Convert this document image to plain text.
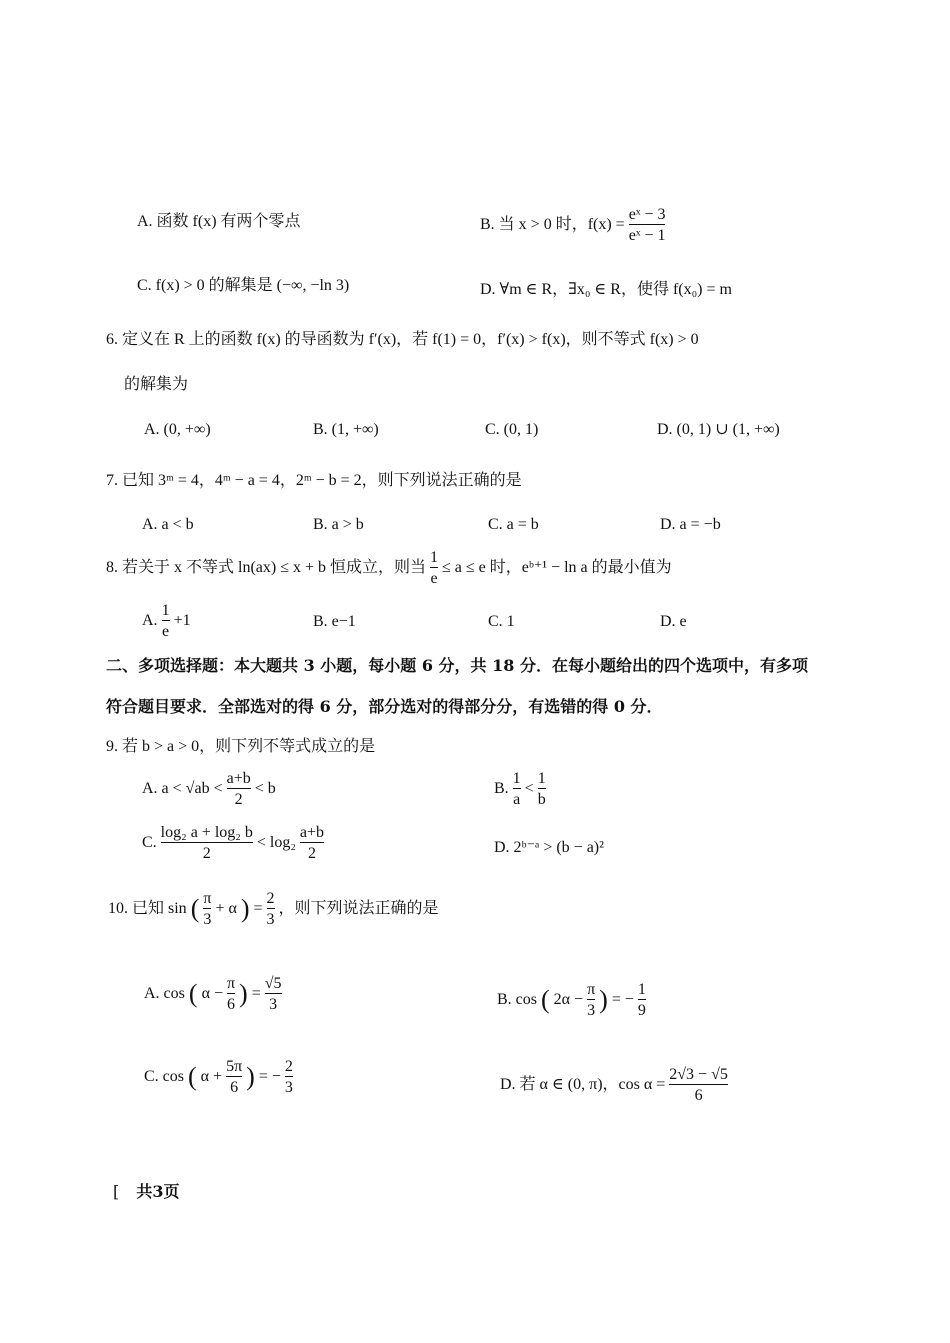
A. 函数 f(x) 有两个零点	B. 当 x > 0 时，$f(x) = \frac{\text{eˣ − 3}}{\text{eˣ − 1}}$
C. f(x) > 0 的解集是 (−∞, −ln 3)	D. ∀m ∈ R，∃x₀ ∈ R，使得 f(x₀) = m
6. 定义在 R 上的函数 f(x) 的导函数为 f′(x)，若 f(1) = 0，f′(x) > f(x)，则不等式 f(x) > 0
的解集为
A. (0, +∞)	B. (1, +∞)	C. (0, 1)	D. (0, 1) ∪ (1, +∞)
7. 已知 3ᵐ = 4，4ᵐ − a = 4，2ᵐ − b = 2，则下列说法正确的是
A. a < b	B. a > b	C. a = b	D. a = −b
8. 若关于 x 不等式 ln(ax) ≤ x + b 恒成立，则当 $\frac{1}{e} \le a \le e$ 时，eᵇ⁺¹ − ln a 的最小值为
A. $\frac{1}{e} +1$	B. e−1	C. 1	D. e
二、多项选择题：本大题共 3 小题，每小题 6 分，共 18 分．在每小题给出的四个选项中，有多项
符合题目要求．全部选对的得 6 分，部分选对的得部分分，有选错的得 0 分．
9. 若 b > a > 0，则下列不等式成立的是
A. $a < √ab < \frac{a+b}{2} < b$	B. $\frac{1}{a} < \frac{1}{b}$
C. $\frac{\text{log₂ a + log₂ b}}{2} < \log_2 \frac{a+b}{2}$	D. 2ᵇ⁻ᵃ > (b − a)²
10. 已知 sin ( $\frac{\pi}{3} + \alpha$ ) = $\frac{2}{3}$ ，则下列说法正确的是
A. cos ( $\alpha - \frac{\pi}{6}$ ) = $\frac{√5}{3}$	B. cos ( $2\alpha - \frac{\pi}{3}$ ) = − $\frac{1}{9}$
C. cos ( $\alpha + \frac{5\pi}{6}$ ) = − $\frac{2}{3}$	D. 若 α ∈ (0, π)，$\cos \alpha = \frac{2√3 - √5}{6}$
[ 共3页
